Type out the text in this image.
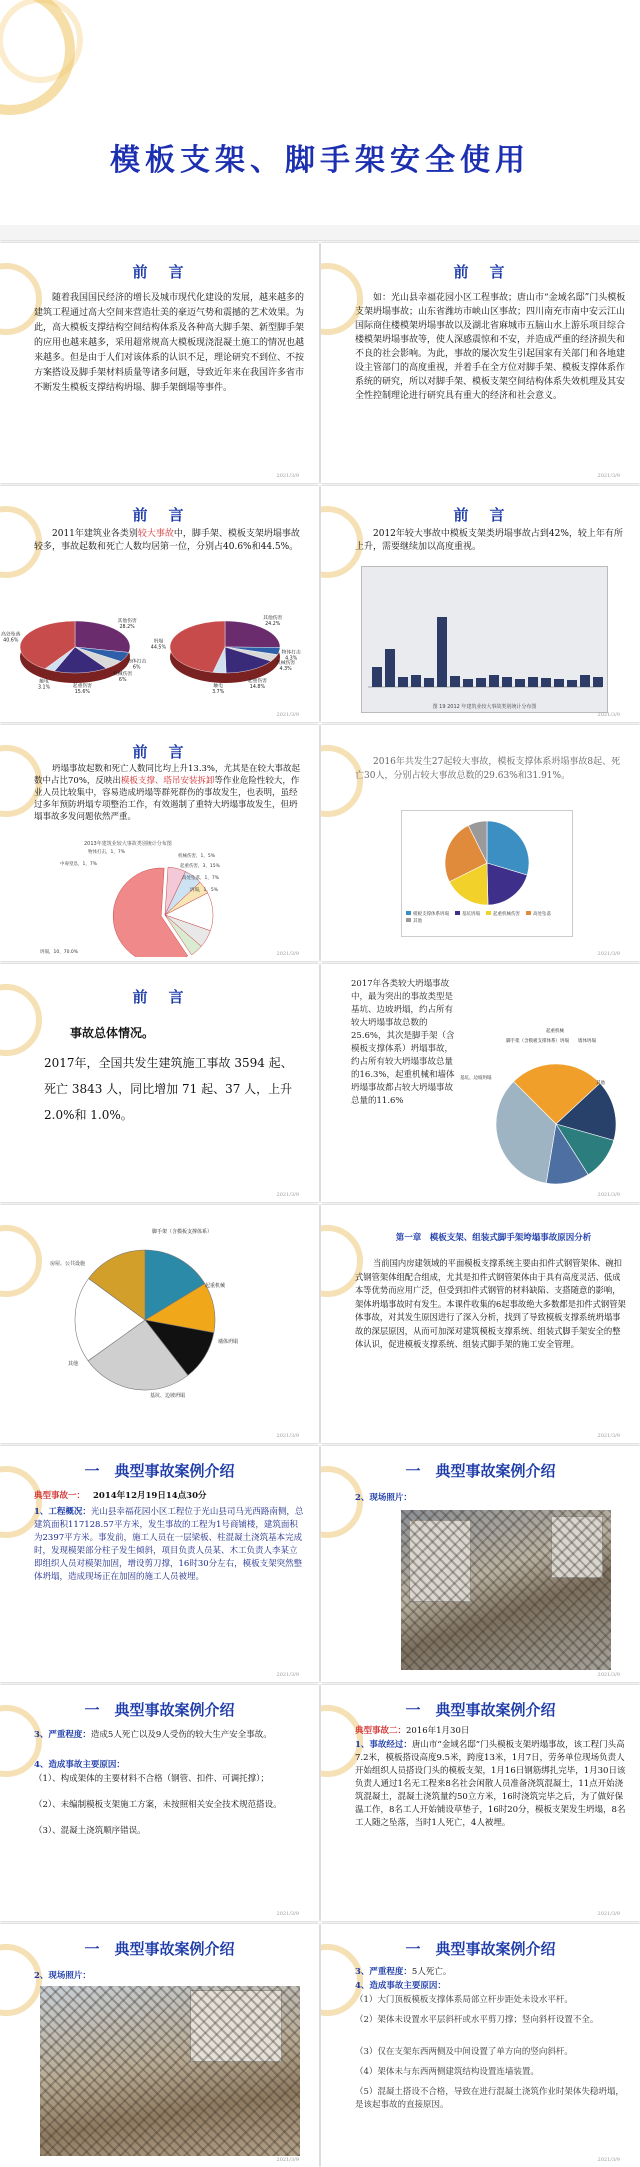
模板支架、脚手架安全使用
前　言
随着我国国民经济的增长及城市现代化建设的发展，越来越多的建筑工程通过高大空间来营造壮美的豪迈气势和震撼的艺术效果。为此，高大模板支撑结构空间结构体系及各种高大脚手架、新型脚手架的应用也越来越多，采用超常规高大模板现浇混凝土施工的情况也越来越多。但是由于人们对该体系的认识不足，理论研究不到位、不按方案搭设及脚手架材料质量等诸多问题，导致近年来在我国许多省市不断发生模板支撑结构坍塌、脚手架倒塌等事件。
2021/3/9
前　言
如：光山县幸福花园小区工程事故；唐山市“金域名邸”门头模板支架坍塌事故；山东省潍坊市峡山区事故；四川南充市南中安云江山国际商住楼模架坍塌事故以及湖北省麻城市五脑山水上游乐项目综合楼模架坍塌事故等，使人深感震惊和不安，并造成严重的经济损失和不良的社会影响。为此，事故的屡次发生引起国家有关部门和各地建设主管部门的高度重视，并着手在全方位对脚手架、模板支撑体系作系统的研究，所以对脚手架、模板支架空间结构体系失效机理及其安全性控制理论进行研究具有重大的经济和社会意义。
2021/3/9
前　言
2011年建筑业各类别较大事故中，脚手架、模板支架坍塌事故较多，事故起数和死亡人数均居第一位，分别占40.6%和44.5%。
其他伤害
28.2%
物体打击
6%
机械伤害
6%
起重伤害
15.6%
触电
3.1%
高处坠落
40.6%
其他伤害
24.2%
物体打击
4.3%
机械伤害
4.3%
起重伤害
14.8%
触电
3.7%
坍塌
44.5%
2021/3/9
前　言
2012年较大事故中模板支架类坍塌事故占到42%，较上年有所上升，需要继续加以高度重视。
图 19 2012 年建筑业较大事故类别统计分布图
2021/3/9
前　言
坍塌事故起数和死亡人数同比均上升13.3%，尤其是在较大事故起数中占比70%，反映出模板支撑、塔吊安装拆卸等作业危险性较大，作业人员比较集中，容易造成坍塌等群死群伤的事故发生，也表明，虽经过多年预防坍塌专项整治工作，有效遏制了重特大坍塌事故发生，但坍塌事故多发问题依然严重。
2013年建筑业较大事故类别统计分布图
物体打击，1，7%
中毒窒息，1，7%
机械伤害，1，5%
起重伤害，3，15%
高处坠落，1，7%
坍塌，1，5%
坍塌，10，70.0%	2021/3/9
2016年共发生27起较大事故，模板支撑体系坍塌事故8起、死亡30人，分别占较大事故总数的29.63%和31.91%。
模板支撑体系坍塌	基坑坍塌	起重机械伤害	高处坠落其他
2021/3/9
前　言
事故总体情况。
2017年，全国共发生建筑施工事故 3594 起、死亡 3843 人，同比增加 71 起、37 人，上升 2.0%和 1.0%。
2021/3/9
2017年各类较大坍塌事故中，最为突出的事故类型是基坑、边坡坍塌，约占所有较大坍塌事故总数的25.6%，其次是脚手架（含模板支撑体系）坍塌事故，约占所有较大坍塌事故总量的16.3%，起重机械和墙体坍塌事故都占较大坍塌事故总量的11.6%
基坑、边坡坍塌
脚手架（含模板支撑体系）坍塌
起重机械
墙体坍塌
其他
2021/3/9
脚手架（含模板支撑体系）
起重机械
墙体坍塌
基坑、边坡坍塌
其他
房屋、公共设施
2021/3/9
第一章　模板支架、组装式脚手架垮塌事故原因分析
当前国内房建领域的平面模板支撑系统主要由扣件式钢管架体、碗扣式钢管架体组配合组成，尤其是扣件式钢管架体由于具有高度灵活、低成本等优势而应用广泛，但受到扣件式钢管的材料缺陷、支搭随意的影响，架体坍塌事故时有发生。本课件收集的6起事故绝大多数都是扣件式钢管架体事故，对其发生原因进行了深入分析，找到了导致模板支撑系统坍塌事故的深层原因，从而可加深对建筑模板支撑系统、组装式脚手架安全的整体认识，促进模板支撑系统、组装式脚手架的施工安全管理。
2021/3/9
一　典型事故案例介绍
典型事故一： 2014年12月19日14点30分
1、工程概况：光山县幸福花园小区工程位于光山县司马光西路南侧，总建筑面积117128.57平方米，发生事故的工程为1号商铺楼，建筑面积为2397平方米。事发前，施工人员在一层梁板、柱混凝土浇筑基本完成时，发现模架部分柱子发生倾斜，项目负责人员某、木工负责人李某立即组织人员对模架加固，增设剪刀撑，16时30分左右，模板支架突然整体坍塌，造成现场正在加固的施工人员被埋。
2021/3/9
一　典型事故案例介绍
2、现场照片：
2021/3/9
一　典型事故案例介绍
3、严重程度：造成5人死亡以及9人受伤的较大生产安全事故。
4、造成事故主要原因：
（1）、构成架体的主要材料不合格（钢管、扣件、可调托撑）；
（2）、未编制模板支架施工方案，未按照相关安全技术规范搭设。
（3）、混凝土浇筑顺序错误。
2021/3/9
一　典型事故案例介绍
典型事故二：2016年1月30日
1、事故经过：唐山市“金域名邸”门头模板支架坍塌事故，该工程门头高7.2米，模板搭设高度9.5米，跨度13米，1月7日，劳务单位现场负责人开始组织人员搭设门头的模板支架，1月16日钢筋绑扎完毕，1月30日该负责人通过1名无工程来8名社会闲散人员准备浇筑混凝土，11点开始浇筑混凝土，混凝土浇筑量约50立方米，16时浇筑完毕之后，为了做好保温工作，8名工人开始铺设草垫子，16时20分，模板支架发生坍塌，8名工人随之坠落，当时1人死亡，4人被埋。
2021/3/9
一　典型事故案例介绍
2、现场照片：
2021/3/9
一　典型事故案例介绍
3、严重程度：5人死亡。
4、造成事故主要原因：
（1）大门顶板模板支撑体系局部立杆步距处未设水平杆。
（2）架体未设置水平层斜杆或水平剪刀撑；竖向斜杆设置不全。
（3）仅在支架东西两侧及中间设置了单方向的竖向斜杆。
（4）架体未与东西两侧建筑结构设置连墙装置。
（5）混凝土搭设不合格，导致在进行混凝土浇筑作业时架体失稳坍塌，是该起事故的直接原因。
2021/3/9
